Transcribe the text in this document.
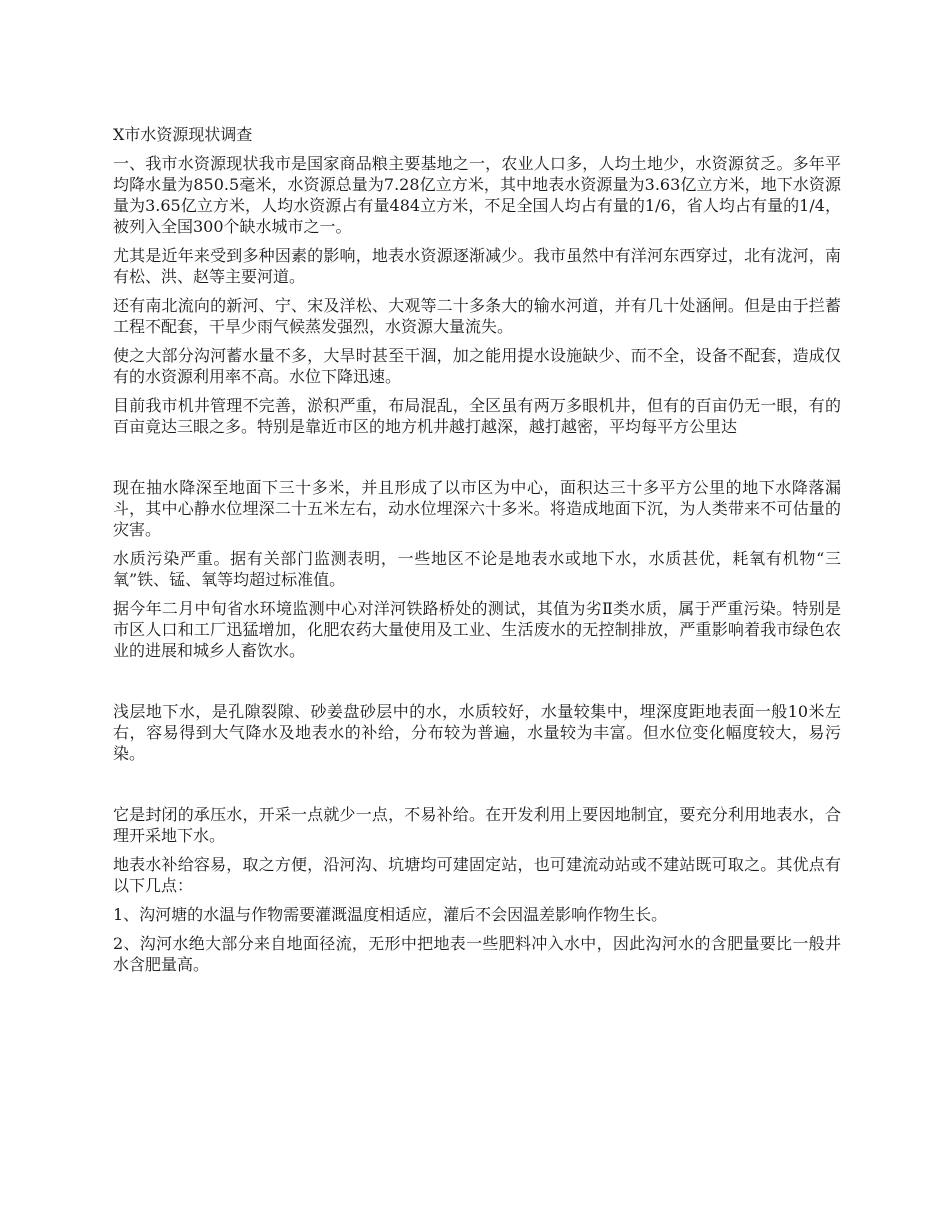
X市水资源现状调查

一、我市水资源现状我市是国家商品粮主要基地之一，农业人口多，人均土地少，水资源贫乏。多年平均降水量为850.5毫米，水资源总量为7.28亿立方米，其中地表水资源量为3.63亿立方米，地下水资源量为3.65亿立方米，人均水资源占有量484立方米，不足全国人均占有量的1/6，省人均占有量的1/4，被列入全国300个缺水城市之一。

尤其是近年来受到多种因素的影响，地表水资源逐渐减少。我市虽然中有洋河东西穿过，北有泷河，南有松、洪、赵等主要河道。

还有南北流向的新河、宁、宋及洋松、大观等二十多条大的输水河道，并有几十处涵闸。但是由于拦蓄工程不配套，干旱少雨气候蒸发强烈，水资源大量流失。

使之大部分沟河蓄水量不多，大旱时甚至干涸，加之能用提水设施缺少、而不全，设备不配套，造成仅有的水资源利用率不高。水位下降迅速。

目前我市机井管理不完善，淤积严重，布局混乱，全区虽有两万多眼机井，但有的百亩仍无一眼，有的百亩竟达三眼之多。特别是靠近市区的地方机井越打越深，越打越密，平均每平方公里达

现在抽水降深至地面下三十多米，并且形成了以市区为中心，面积达三十多平方公里的地下水降落漏斗，其中心静水位埋深二十五米左右，动水位埋深六十多米。将造成地面下沉，为人类带来不可估量的灾害。

水质污染严重。据有关部门监测表明，一些地区不论是地表水或地下水，水质甚优，耗氧有机物“三氧”铁、锰、氧等均超过标准值。

据今年二月中旬省水环境监测中心对洋河铁路桥处的测试，其值为劣Ⅱ类水质，属于严重污染。特别是市区人口和工厂迅猛增加，化肥农药大量使用及工业、生活废水的无控制排放，严重影响着我市绿色农业的进展和城乡人畜饮水。

浅层地下水，是孔隙裂隙、砂姜盘砂层中的水，水质较好，水量较集中，埋深度距地表面一般10米左右，容易得到大气降水及地表水的补给，分布较为普遍，水量较为丰富。但水位变化幅度较大，易污染。

它是封闭的承压水，开采一点就少一点，不易补给。在开发利用上要因地制宜，要充分利用地表水，合理开采地下水。

地表水补给容易，取之方便，沿河沟、坑塘均可建固定站，也可建流动站或不建站既可取之。其优点有以下几点：

1、沟河塘的水温与作物需要灌溉温度相适应，灌后不会因温差影响作物生长。

2、沟河水绝大部分来自地面径流，无形中把地表一些肥料冲入水中，因此沟河水的含肥量要比一般井水含肥量高。
